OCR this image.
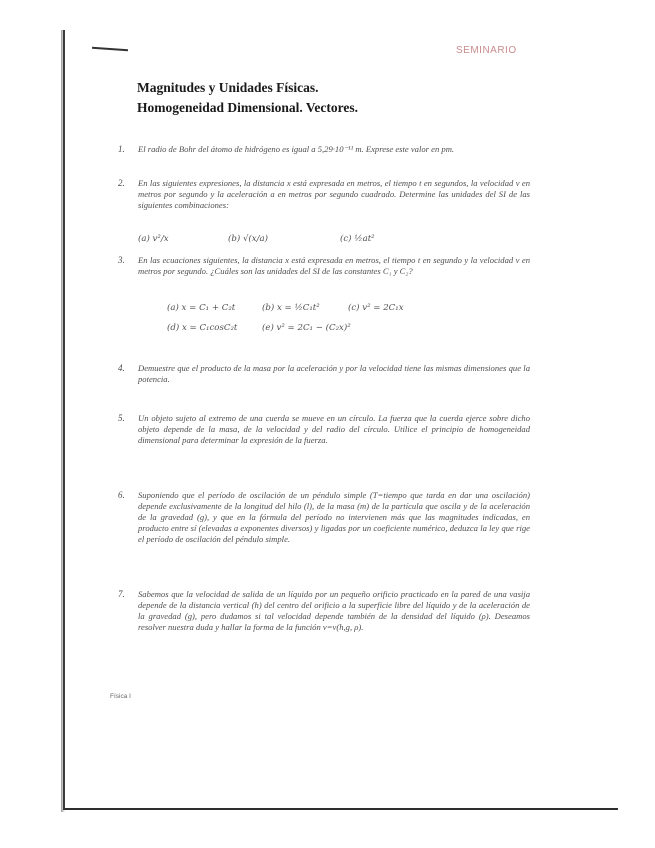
SEMINARIO
Magnitudes y Unidades Físicas.
Homogeneidad Dimensional. Vectores.
1. El radio de Bohr del átomo de hidrógeno es igual a 5,29·10⁻¹¹ m. Exprese este valor en pm.
2. En las siguientes expresiones, la distancia x está expresada en metros, el tiempo t en segundos, la velocidad v en metros por segundo y la aceleración a en metros por segundo cuadrado. Determine las unidades del SI de las siguientes combinaciones:
(a) v²/x	(b) √(x/a)	(c) ½at²
3. En las ecuaciones siguientes, la distancia x está expresada en metros, el tiempo t en segundo y la velocidad v en metros por segundo. ¿Cuáles son las unidades del SI de las constantes C₁ y C₂?
(a) x = C₁ + C₂t	(b) x = ½C₁t²	(c) v² = 2C₁x
(d) x = C₁cosC₂t	(e) v² = 2C₁ − (C₂x)²
4. Demuestre que el producto de la masa por la aceleración y por la velocidad tiene las mismas dimensiones que la potencia.
5. Un objeto sujeto al extremo de una cuerda se mueve en un círculo. La fuerza que la cuerda ejerce sobre dicho objeto depende de la masa, de la velocidad y del radio del círculo. Utilice el principio de homogeneidad dimensional para determinar la expresión de la fuerza.
6. Suponiendo que el período de oscilación de un péndulo simple (T=tiempo que tarda en dar una oscilación) depende exclusivamente de la longitud del hilo (l), de la masa (m) de la partícula que oscila y de la aceleración de la gravedad (g), y que en la fórmula del período no intervienen más que las magnitudes indicadas, en producto entre sí (elevadas a exponentes diversos) y ligadas por un coeficiente numérico, deduzca la ley que rige el período de oscilación del péndulo simple.
7. Sabemos que la velocidad de salida de un líquido por un pequeño orificio practicado en la pared de una vasija depende de la distancia vertical (h) del centro del orificio a la superficie libre del líquido y de la aceleración de la gravedad (g), pero dudamos si tal velocidad depende también de la densidad del líquido (ρ). Deseamos resolver nuestra duda y hallar la forma de la función v=v(h,g, ρ).
Física I
